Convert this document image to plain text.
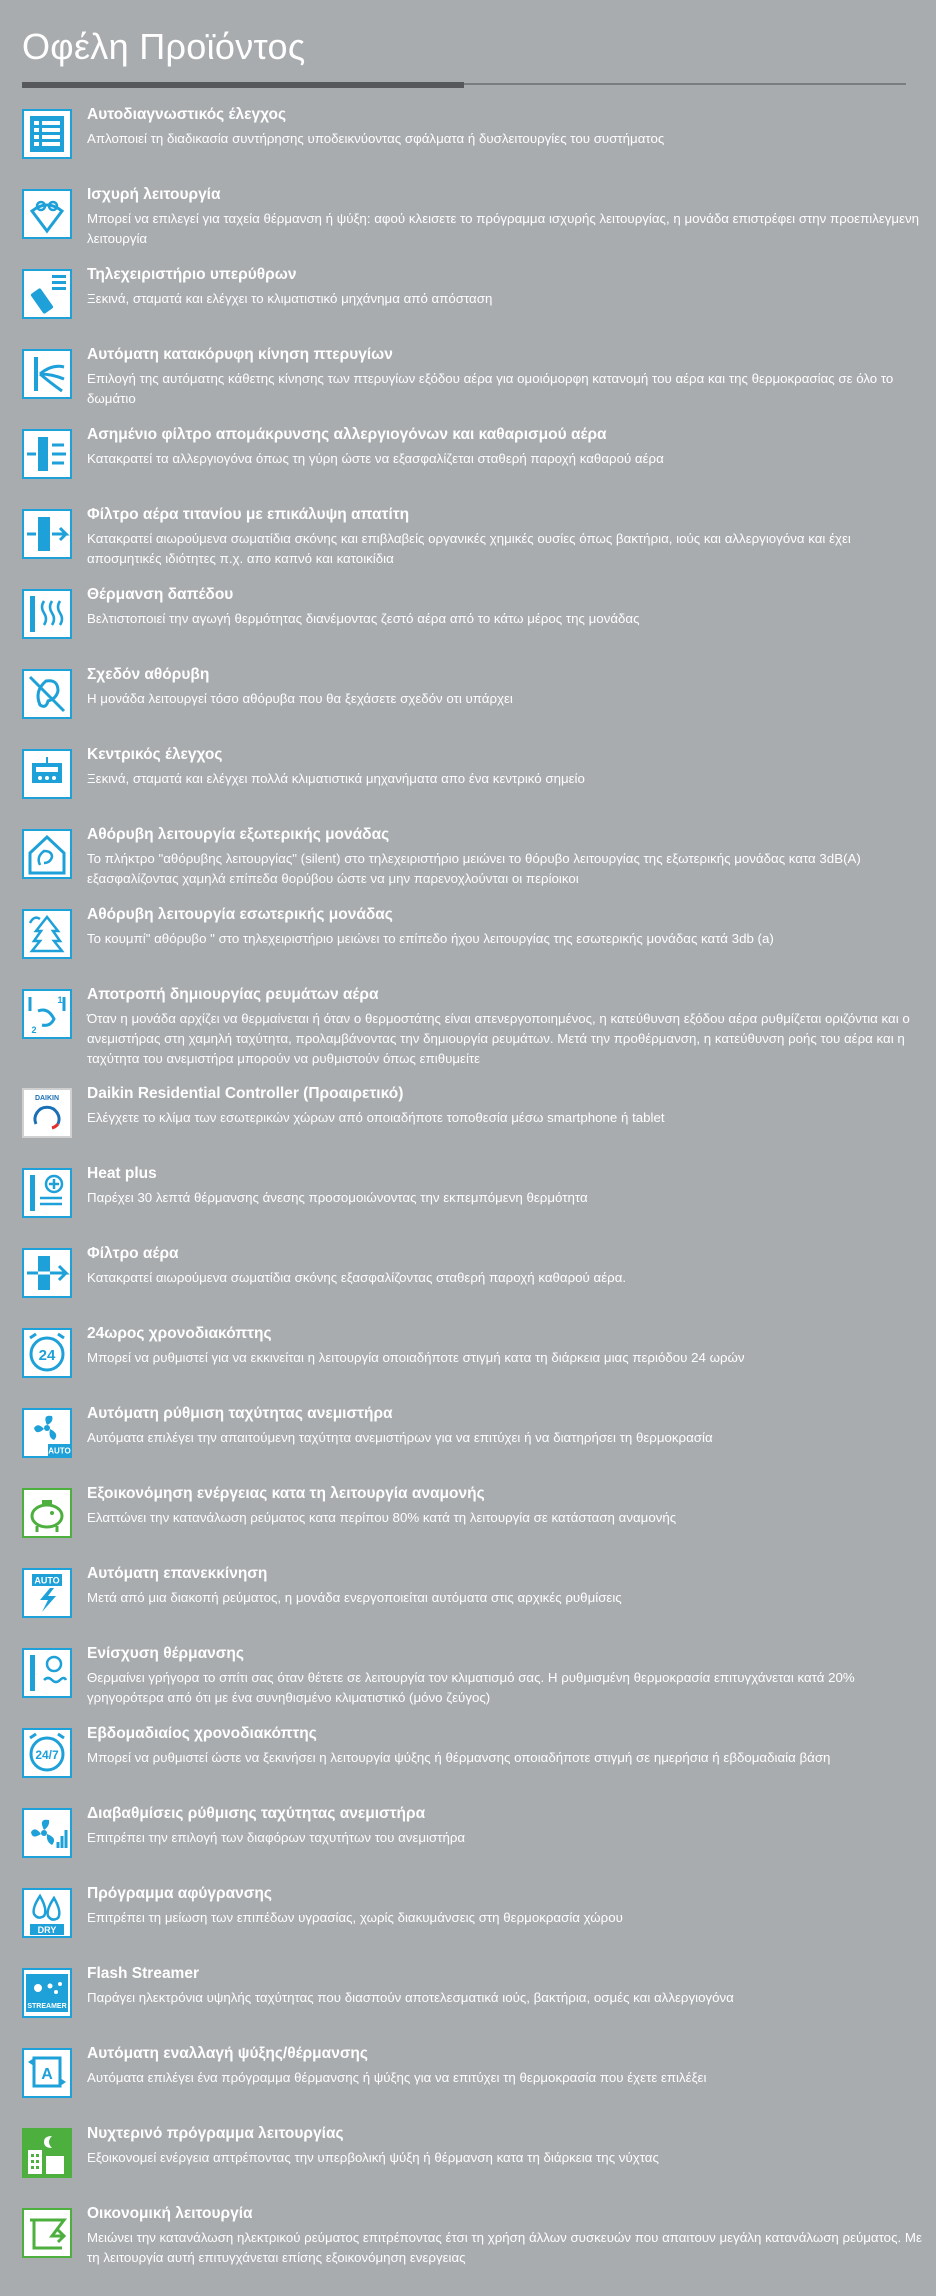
Οφέλη Προϊόντος
Αυτοδιαγνωστικός έλεγχος
Απλοποιεί τη διαδικασία συντήρησης υποδεικνύοντας σφάλματα ή δυσλειτουργίες του συστήματος
Ισχυρή λειτουργία
Μπορεί να επιλεγεί για ταχεία θέρμανση ή ψύξη: αφού κλεισετε το πρόγραμμα ισχυρής λειτουργίας, η μονάδα επιστρέφει στην προεπιλεγμενη λειτουργία
Τηλεχειριστήριο υπερύθρων
Ξεκινά, σταματά και ελέγχει το κλιματιστικό μηχάνημα από απόσταση
Αυτόματη κατακόρυφη κίνηση πτερυγίων
Επιλογή της αυτόματης κάθετης κίνησης των πτερυγίων εξόδου αέρα για ομοιόμορφη κατανομή του αέρα και της θερμοκρασίας σε όλο το δωμάτιο
Ασημένιο φίλτρο απομάκρυνσης αλλεργιογόνων και καθαρισμού αέρα
Κατακρατεί τα αλλεργιογόνα όπως τη γύρη ώστε να εξασφαλίζεται σταθερή παροχή καθαρού αέρα
Φίλτρο αέρα τιτανίου με επικάλυψη απατίτη
Κατακρατεί αιωρούμενα σωματίδια σκόνης και επιβλαβείς οργανικές χημικές ουσίες όπως βακτήρια, ιούς και αλλεργιογόνα και έχει αποσμητικές ιδιότητες π.χ. απο καπνό και κατοικίδια
Θέρμανση δαπέδου
Βελτιστοποιεί την αγωγή θερμότητας διανέμοντας ζεστό αέρα από το κάτω μέρος της μονάδας
Σχεδόν αθόρυβη
Η μονάδα λειτουργεί τόσο αθόρυβα που θα ξεχάσετε σχεδόν οτι υπάρχει
Κεντρικός έλεγχος
Ξεκινά, σταματά και ελέγχει πολλά κλιματιστικά μηχανήματα απο ένα κεντρικό σημείο
Αθόρυβη λειτουργία εξωτερικής μονάδας
Το πλήκτρο "αθόρυβης λειτουργίας" (silent) στο τηλεχειριστήριο μειώνει το θόρυβο λειτουργίας της εξωτερικής μονάδας κατα 3dB(A) εξασφαλίζοντας χαμηλά επίπεδα θορύβου ώστε να μην παρενοχλούνται οι περίοικοι
Αθόρυβη λειτουργία εσωτερικής μονάδας
Το κουμπί" αθόρυβο " στο τηλεχειριστήριο μειώνει το επίπεδο ήχου λειτουργίας της εσωτερικής μονάδας κατά 3db (a)
1
2
Αποτροπή δημιουργίας ρευμάτων αέρα
Όταν η μονάδα αρχίζει να θερμαίνεται ή όταν ο θερμοστάτης είναι απενεργοποιημένος, η κατεύθυνση εξόδου αέρα ρυθμίζεται οριζόντια και ο ανεμιστήρας στη χαμηλή ταχύτητα, προλαμβάνοντας την δημιουργία ρευμάτων. Μετά την προθέρμανση, η κατεύθυνση ροής του αέρα και η ταχύτητα του ανεμιστήρα μπορούν να ρυθμιστούν όπως επιθυμείτε
DAIKIN Daikin Residential Controller (Προαιρετικό)
Ελέγχετε το κλίμα των εσωτερικών χώρων από οποιαδήποτε τοποθεσία μέσω smartphone ή tablet
Heat plus
Παρέχει 30 λεπτά θέρμανσης άνεσης προσομοιώνοντας την εκπεμπόμενη θερμότητα
Φίλτρο αέρα
Κατακρατεί αιωρούμενα σωματίδια σκόνης εξασφαλίζοντας σταθερή παροχή καθαρού αέρα.
24
24ωρος χρονοδιακόπτης
Μπορεί να ρυθμιστεί για να εκκινείται η λειτουργία οποιαδήποτε στιγμή κατα τη διάρκεια μιας περιόδου 24 ωρών
AUTO
Αυτόματη ρύθμιση ταχύτητας ανεμιστήρα
Αυτόματα επιλέγει την απαιτούμενη ταχύτητα ανεμιστήρων για να επιτύχει ή να διατηρήσει τη θερμοκρασία
Εξοικονόμηση ενέργειας κατα τη λειτουργία αναμονής
Ελαττώνει την κατανάλωση ρεύματος κατα περίπου 80% κατά τη λειτουργία σε κατάσταση αναμονής
AUTO Αυτόματη επανεκκίνηση
Μετά από μια διακοπή ρεύματος, η μονάδα ενεργοποιείται αυτόματα στις αρχικές ρυθμίσεις
Ενίσχυση θέρμανσης
Θερμαίνει γρήγορα το σπίτι σας όταν θέτετε σε λειτουργία τον κλιματισμό σας. Η ρυθμισμένη θερμοκρασία επιτυγχάνεται κατά 20% γρηγορότερα από ότι με ένα συνηθισμένο κλιματιστικό (μόνο ζεύγος)
24/7
Εβδομαδιαίος χρονοδιακόπτης
Μπορεί να ρυθμιστεί ώστε να ξεκινήσει η λειτουργία ψύξης ή θέρμανσης οποιαδήποτε στιγμή σε ημερήσια ή εβδομαδιαία βάση
Διαβαθμίσεις ρύθμισης ταχύτητας ανεμιστήρα
Επιτρέπει την επιλογή των διαφόρων ταχυτήτων του ανεμιστήρα
DRY
Πρόγραμμα αφύγρανσης
Επιτρέπει τη μείωση των επιπέδων υγρασίας, χωρίς διακυμάνσεις στη θερμοκρασία χώρου
STREAMER
Flash Streamer
Παράγει ηλεκτρόνια υψηλής ταχύτητας που διασπούν αποτελεσματικά ιούς, βακτήρια, οσμές και αλλεργιογόνα
A
Αυτόματη εναλλαγή ψύξης/θέρμανσης
Αυτόματα επιλέγει ένα πρόγραμμα θέρμανσης ή ψύξης για να επιτύχει τη θερμοκρασία που έχετε επιλέξει
Νυχτερινό πρόγραμμα λειτουργίας
Εξοικονομεί ενέργεια απτρέποντας την υπερβολική ψύξη ή θέρμανση κατα τη διάρκεια της νύχτας
Οικονομική λειτουργία
Μειώνει την κατανάλωση ηλεκτρικού ρεύματος επιτρέποντας έτσι τη χρήση άλλων συσκευών που απαιτουν μεγάλη κατανάλωση ρεύματος. Με τη λειτουργία αυτή επιτυγχάνεται επίσης εξοικονόμηση ενεργειας
